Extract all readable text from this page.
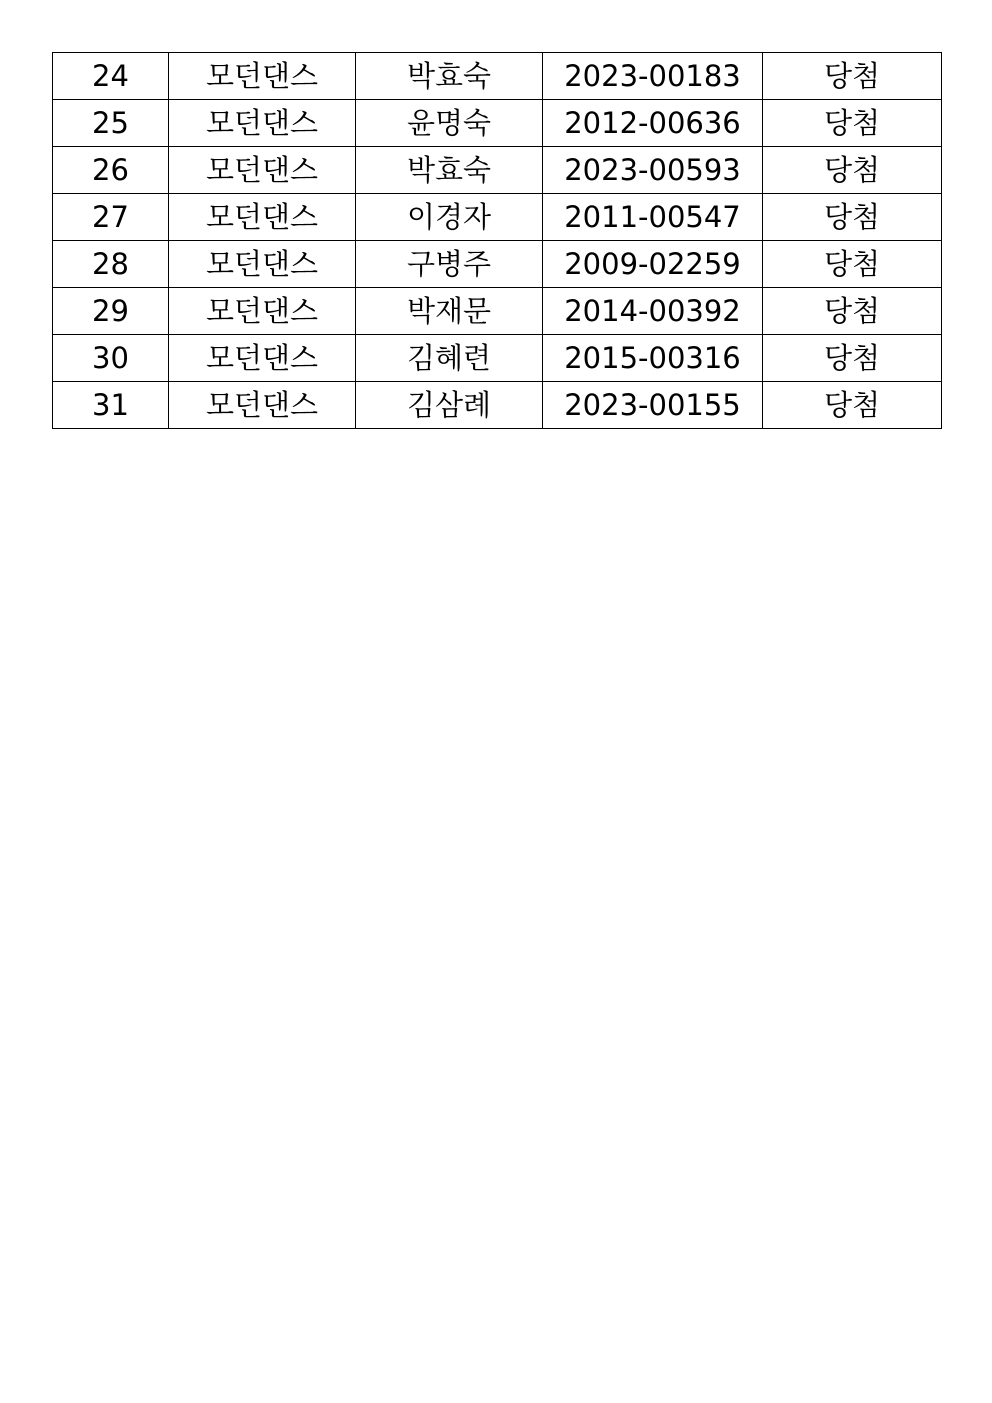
24	모던댄스	박효숙	2023-00183	당첨
25	모던댄스	윤명숙	2012-00636	당첨
26	모던댄스	박효숙	2023-00593	당첨
27	모던댄스	이경자	2011-00547	당첨
28	모던댄스	구병주	2009-02259	당첨
29	모던댄스	박재문	2014-00392	당첨
30	모던댄스	김혜련	2015-00316	당첨
31	모던댄스	김삼례	2023-00155	당첨
